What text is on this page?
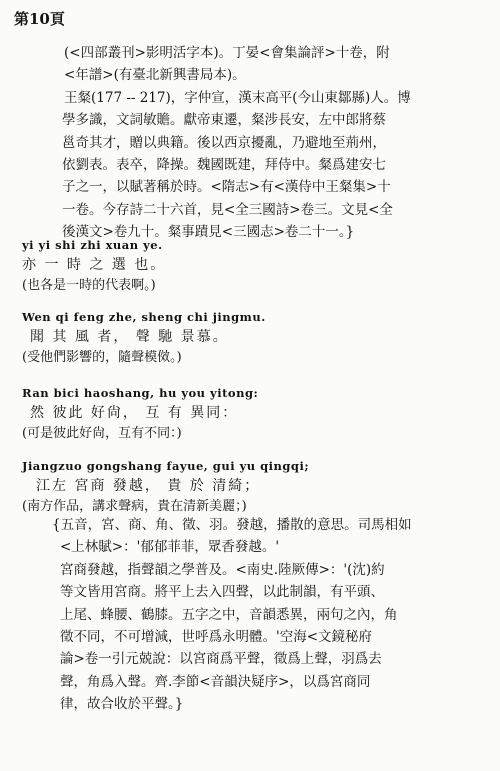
第10頁
(<四部叢刊>影明活字本)。丁晏<會集論評>十卷，附
<年譜>(有臺北新興書局本)。
王粲(177 -- 217)，字仲宣，漢末高平(今山東鄒縣)人。博
學多識，文詞敏贍。獻帝東遷，粲涉長安，左中郎將蔡
邕奇其才，贈以典籍。後以西京擾亂，乃避地至荊州，
依劉表。表卒，降操。魏國既建，拜侍中。粲爲建安七
子之一，以賦著稱於時。<隋志>有<漢侍中王粲集>十
一卷。今存詩二十六首，見<全三國詩>卷三。文見<全
後漢文>卷九十。粲事蹟見<三國志>卷二十一。}
yi yi shi zhi xuan ye.
亦 一 時 之 選 也。
(也各是一時的代表啊。)
Wen qi feng zhe, sheng chi jingmu.
聞 其 風 者， 聲 馳 景慕。
(受他們影響的，隨聲模傚。)
Ran bici haoshang, hu you yitong:
然 彼此 好尙， 互 有 異同：
(可是彼此好尙，互有不同：)
Jiangzuo gongshang fayue, gui yu qingqi;
江左 宮商 發越， 貴 於 清綺；
(南方作品，講求聲病，貴在清新美麗；)
{五音，宮、商、角、徵、羽。發越，播散的意思。司馬相如
<上林賦>：'郁郁菲菲，眾香發越。'
宮商發越，指聲韻之學普及。<南史.陸厥傳>：'(沈)約
等文皆用宮商。將平上去入四聲，以此制韻，有平頭、
上尾、蜂腰、鶴膝。五字之中，音韻悉異，兩句之內，角
徵不同，不可增減，世呼爲永明體。'空海<文鏡秘府
論>卷一引元兢說：以宮商爲平聲，徵爲上聲，羽爲去
聲，角爲入聲。齊.李節<音韻決疑序>，以爲宮商同
律，故合收於平聲。}
